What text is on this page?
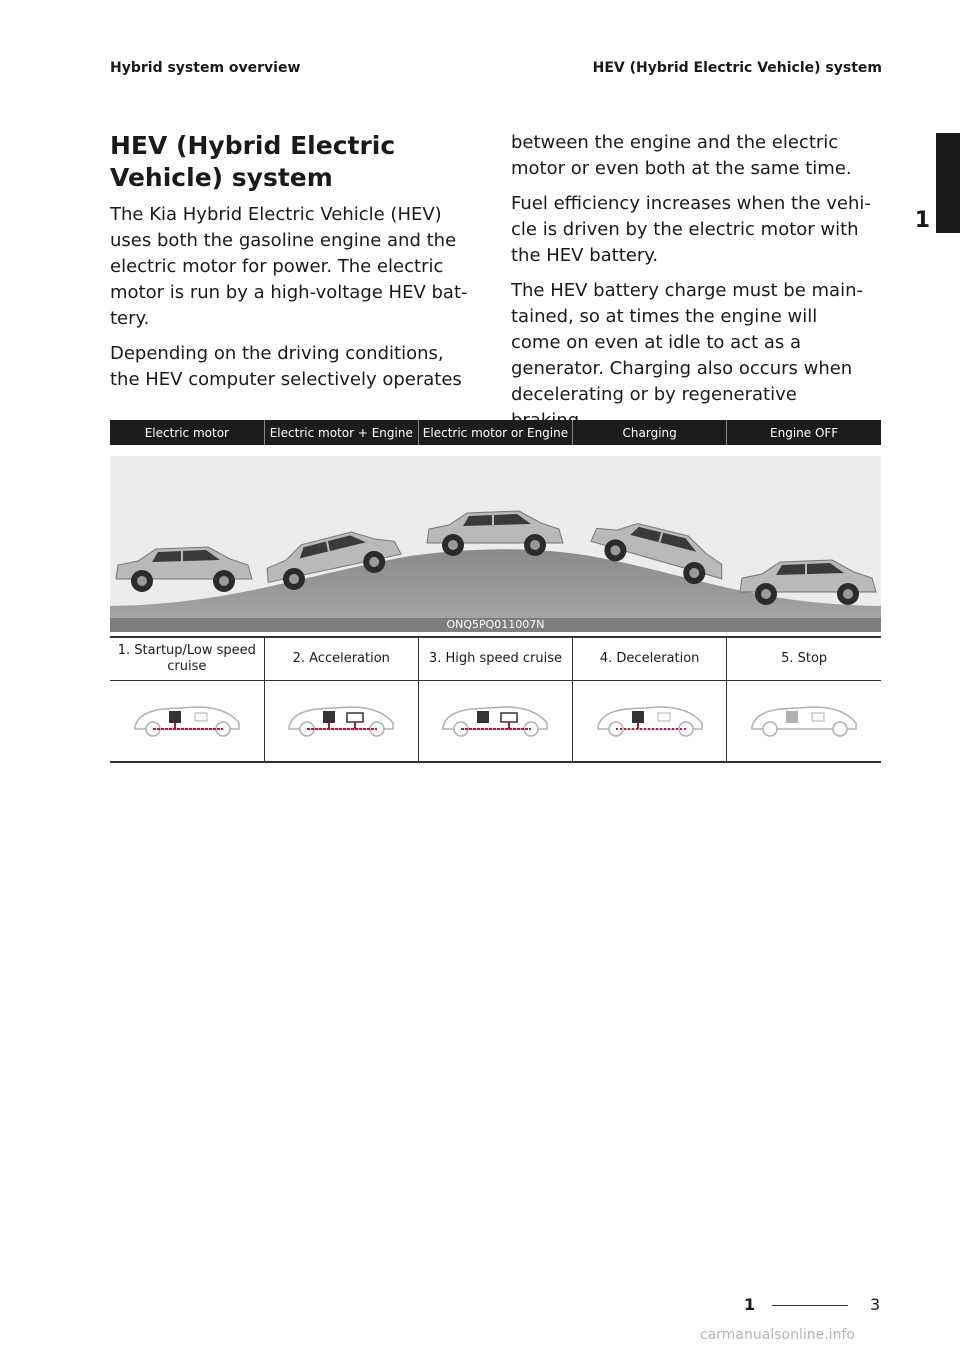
Hybrid system overview	HEV (Hybrid Electric Vehicle) system
1
HEV (Hybrid Electric Vehicle) system

The Kia Hybrid Electric Vehicle (HEV) uses both the gasoline engine and the electric motor for power. The electric motor is run by a high-voltage HEV bat-tery.

Depending on the driving conditions, the HEV computer selectively operates

between the engine and the electric motor or even both at the same time.

Fuel efficiency increases when the vehi-cle is driven by the electric motor with the HEV battery.

The HEV battery charge must be main-tained, so at times the engine will come on even at idle to act as a generator. Charging also occurs when decelerating or by regenerative

Electric motor	Electric motor + Engine	Electric motor or Engine	Charging	Engine OFF
ONQ5PQ011007N
1. Startup/Low speed cruise	2. Acceleration	3. High speed cruise	4. Deceleration	5. Stop

1	3
carmanualsonline.info
